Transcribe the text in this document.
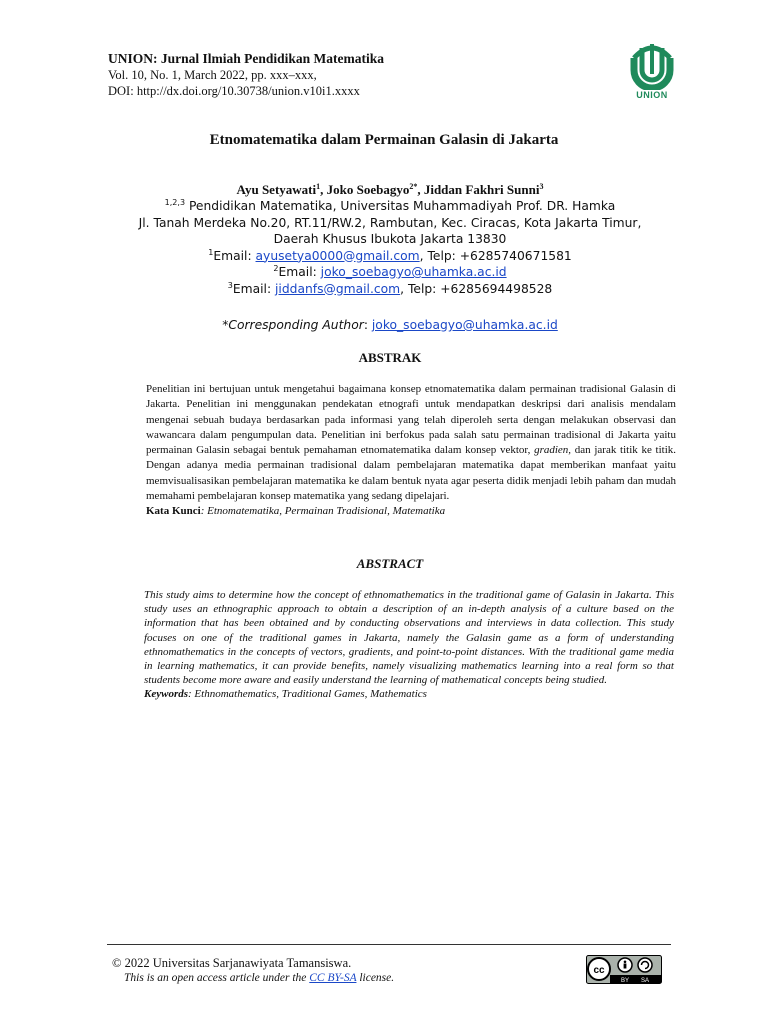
UNION: Jurnal Ilmiah Pendidikan Matematika
Vol. 10, No. 1, March 2022, pp. xxx–xxx,
DOI: http://dx.doi.org/10.30738/union.v10i1.xxxx	UNION
Etnomatematika dalam Permainan Galasin di Jakarta
Ayu Setyawati$^1$, Joko Soebagyo$^{2*}$, Jiddan Fakhri Sunni$^3$
$^{1,2,3}$ Pendidikan Matematika, Universitas Muhammadiyah Prof. DR. Hamka
Jl. Tanah Merdeka No.20, RT.11/RW.2, Rambutan, Kec. Ciracas, Kota Jakarta Timur,
Daerah Khusus Ibukota Jakarta 13830
$^1$Email: ayusetya0000@gmail.com, Telp: +6285740671581
$^2$Email: joko_soebagyo@uhamka.ac.id
$^3$Email: jiddanfs@gmail.com, Telp: +6285694498528
*Corresponding Author: joko_soebagyo@uhamka.ac.id
ABSTRAK
Penelitian ini bertujuan untuk mengetahui bagaimana konsep etnomatematika dalam permainan tradisional Galasin di Jakarta. Penelitian ini menggunakan pendekatan etnografi untuk mendapatkan deskripsi dari analisis mendalam mengenai sebuah budaya berdasarkan pada informasi yang telah diperoleh serta dengan melakukan observasi dan wawancara dalam pengumpulan data. Penelitian ini berfokus pada salah satu permainan tradisional di Jakarta yaitu permainan Galasin sebagai bentuk pemahaman etnomatematika dalam konsep vektor, gradien, dan jarak titik ke titik. Dengan adanya media permainan tradisional dalam pembelajaran matematika dapat memberikan manfaat yaitu memvisualisasikan pembelajaran matematika ke dalam bentuk nyata agar peserta didik menjadi lebih paham dan mudah memahami pembelajaran konsep matematika yang sedang dipelajari.

Kata Kunci: Etnomatematika, Permainan Tradisional, Matematika

ABSTRACT
This study aims to determine how the concept of ethnomathematics in the traditional game of Galasin in Jakarta. This study uses an ethnographic approach to obtain a description of an in-depth analysis of a culture based on the information that has been obtained and by conducting observations and interviews in data collection. This study focuses on one of the traditional games in Jakarta, namely the Galasin game as a form of understanding ethnomathematics in the concepts of vectors, gradients, and point-to-point distances. With the traditional game media in learning mathematics, it can provide benefits, namely visualizing mathematics learning into a real form so that students become more aware and easily understand the learning of mathematical concepts being studied.

Keywords: Ethnomathematics, Traditional Games, Mathematics

© 2022 Universitas Sarjanawiyata Tamansiswa.
This is an open access article under the CC BY-SA license.
cc
BY SA
